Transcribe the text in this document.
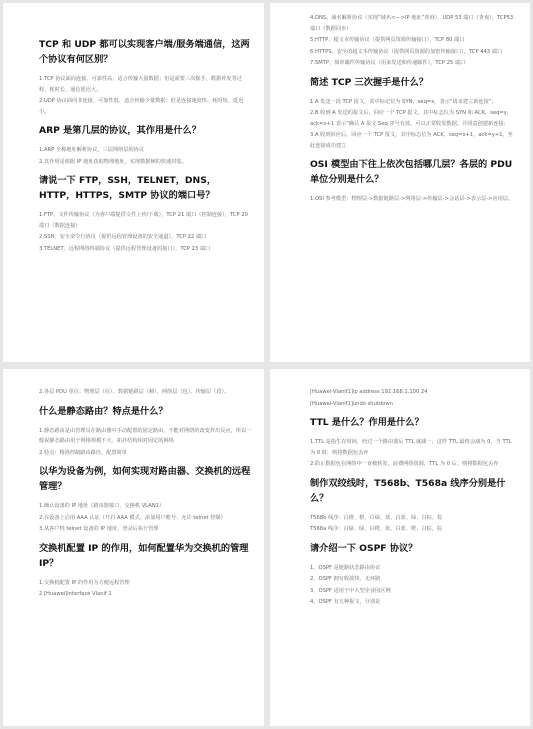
TCP 和 UDP 都可以实现客户端/服务端通信，这两个协议有何区别？

1.TCP 协议面向连接、可靠性高、适合传输大量数据；但是需要三次握手，数据补发等过程，耗时长、通信延迟大。

2.UDP 协议面向非连接、可靠性低、适合传输少量数据；但是连接速度快、耗时短、延迟小。

ARP 是第几层的协议，其作用是什么？

1.ARP 全称地址解析协议，三层网络层的协议

2.其作用是根据 IP 地址获取物理地址，实现数据帧的快速封装。

请说一下 FTP，SSH，TELNET，DNS，HTTP，HTTPS，SMTP 协议的端口号？

1.FTP、文件传输协议（为客户端提供文件上传/下载），TCP 21 端口（控制连接），TCP 20 端口（数据连接）

2.SSH、安全命令行协议（提供远程管理设备的安全通道），TCP 22 端口

3.TELNET、远程网络终端协议（提供远程管理设备的接口），TCP 23 端口

4.DNS、域名解析协议（实现“域名<—>IP 地址”查询），UDP 53 端口（查询），TCP53 端口（数据同步）

5.HTTP、超文本传输协议（提供网页资源传输接口），TCP 80 端口

6.HTTPS、安全的超文本传输协议（提供网页资源的加密传输接口），TCP 443 端口

7.SMTP、简单邮件传输协议（用来发送和传递邮件），TCP 25 端口

简述 TCP 三次握手是什么？

1.A 发送一段 TCP 报文，其中标记位为 SYN，seq=x，表示“请求建立新连接”；

2.B 收到 A 发送的报文后，回应一个 TCP 报文，其中标志位为 SYN 和 ACK，seq=y，ack=x+1 表示“确认 A 报文 Seq 序号有效，可以正常收发数据，并同意创建新连接；

3.A 收到回应后，回应一个 TCP 报文，其中标志位为 ACK，seq=x+1，ack=y+1，至此连接成功建立

OSI 模型由下往上依次包括哪几层？各层的 PDU 单位分别是什么？

1.OSI 参考模型：物理层->数据链路层->网络层->传输层->会话层->表示层->应用层。

2.各层 PDU 单位：物理层（位）、数据链路层（帧）、网络层（包）、传输层（段）。

什么是静态路由？特点是什么？

1.静态路由是由管理员在路由器中手动配置的固定路由，不能对网络的改变作出反应，所以一般说静态路由用于网络规模不大、拓扑结构相对固定的网络

2.特点：精准控制路由路径、配置简单

以华为设备为例，如何实现对路由器、交换机的远程管理？

1.确认设备的 IP 地址（路由器接口、交换机 VLAN1）

2.在设备上启用 AAA 认证（开启 AAA 模式、添加用户账号、允许 telnet 控制）

3.从客户机 telnet 设备的 IP 地址，登录后执行管理

交换机配置 IP 的作用，如何配置华为交换机的管理 IP？

1.交换机配置 IP 的作用为方便远程管理

2.[Huawei]interface Vlanif 1

[Huawei-Vlanif1]ip address 192.168.1.100 24

[Huawei-Vlanif1]undo shutdown

TTL 是什么？作用是什么？

1.TTL 是指生存时间，经过一个路由器后 TTL 就减一，这样 TTL 最终会减为 0，当 TTL 为 0 时，则将数据包丢弃

2.防止数据包在网络中一直被转发，浪费网络资源，TTL 为 0 后，则将数据包丢弃

制作双绞线时，T568b、T568a 线序分别是什么？

T568b 线序：白橙、橙、白绿、蓝、白蓝、绿、白棕、棕

T568a 线序：白绿、绿、白橙、蓝、白蓝、橙、白棕，棕

请介绍一下 OSPF 协议？

1、OSPF 是链路状态路由协议

2、OSPF 拥有收敛快、无环路

3、OSPF 适用于中大型企业园区网

4、OSPF 有五种报文，分别是
